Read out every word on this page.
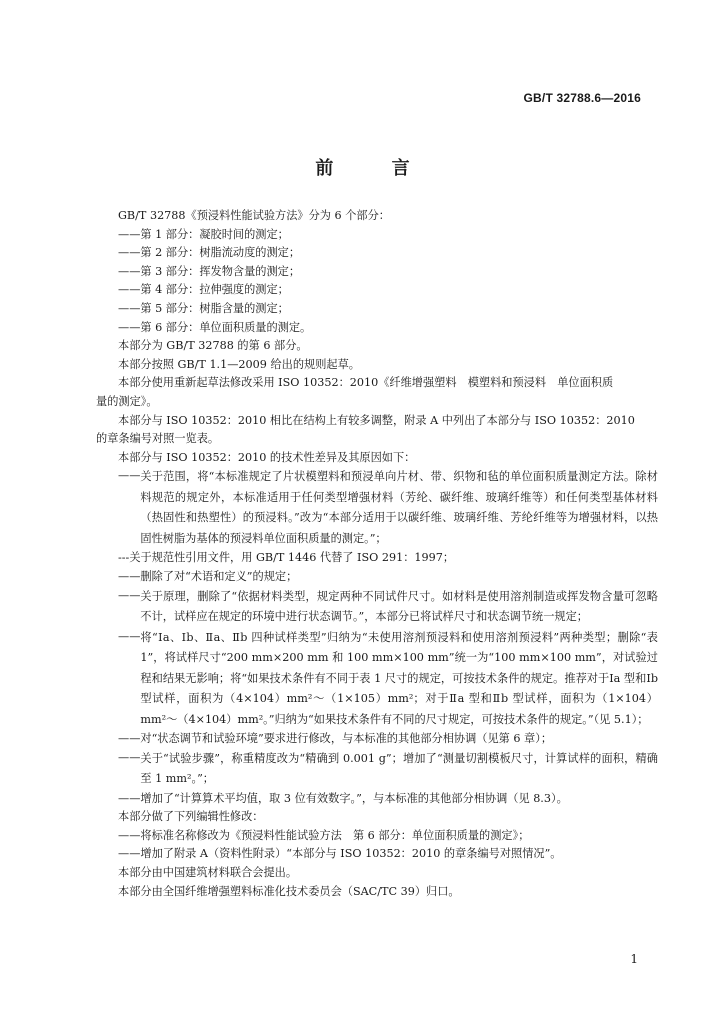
GB/T 32788.6—2016
前 言

GB/T 32788《预浸料性能试验方法》分为 6 个部分：

——第 1 部分：凝胶时间的测定；

——第 2 部分：树脂流动度的测定；

——第 3 部分：挥发物含量的测定；

——第 4 部分：拉伸强度的测定；

——第 5 部分：树脂含量的测定；

——第 6 部分：单位面积质量的测定。

本部分为 GB/T 32788 的第 6 部分。

本部分按照 GB/T 1.1—2009 给出的规则起草。

本部分使用重新起草法修改采用 ISO 10352：2010《纤维增强塑料　模塑料和预浸料　单位面积质

量的测定》。

本部分与 ISO 10352：2010 相比在结构上有较多调整，附录 A 中列出了本部分与 ISO 10352：2010

的章条编号对照一览表。

本部分与 ISO 10352：2010 的技术性差异及其原因如下：

—— 关于范围，将“本标准规定了片状模塑料和预浸单向片材、带、织物和毡的单位面积质量测定方法。除材料规范的规定外，本标准适用于任何类型增强材料（芳纶、碳纤维、玻璃纤维等）和任何类型基体材料（热固性和热塑性）的预浸料。”改为“本部分适用于以碳纤维、玻璃纤维、芳纶纤维等为增强材料，以热固性树脂为基体的预浸料单位面积质量的测定。”；
--- 关于规范性引用文件，用 GB/T 1446 代替了 ISO 291：1997；
—— 删除了对“术语和定义”的规定；
—— 关于原理，删除了“依据材料类型，规定两种不同试件尺寸。如材料是使用溶剂制造或挥发物含量可忽略不计，试样应在规定的环境中进行状态调节。”，本部分已将试样尺寸和状态调节统一规定；
—— 将“Ⅰa、Ⅰb、Ⅱa、Ⅱb 四种试样类型”归纳为“未使用溶剂预浸料和使用溶剂预浸料”两种类型；删除“表 1”，将试样尺寸“200 mm×200 mm 和 100 mm×100 mm”统一为“100 mm×100 mm”，对试验过程和结果无影响；将“如果技术条件有不同于表 1 尺寸的规定，可按技术条件的规定。推荐对于Ⅰa 型和Ⅰb 型试样，面积为（4×104）mm²～（1×105）mm²；对于Ⅱa 型和Ⅱb 型试样，面积为（1×104）mm²～（4×104）mm²。”归纳为“如果技术条件有不同的尺寸规定，可按技术条件的规定。”（见 5.1）；
—— 对“状态调节和试验环境”要求进行修改，与本标准的其他部分相协调（见第 6 章）；
—— 关于“试验步骤”，称重精度改为“精确到 0.001 g”；增加了“测量切割模板尺寸，计算试样的面积，精确至 1 mm²。”；
—— 增加了“计算算术平均值，取 3 位有效数字。”，与本标准的其他部分相协调（见 8.3）。

本部分做了下列编辑性修改：

——将标准名称修改为《预浸料性能试验方法　第 6 部分：单位面积质量的测定》；

——增加了附录 A（资料性附录）“本部分与 ISO 10352：2010 的章条编号对照情况”。

本部分由中国建筑材料联合会提出。

本部分由全国纤维增强塑料标准化技术委员会（SAC/TC 39）归口。

1
